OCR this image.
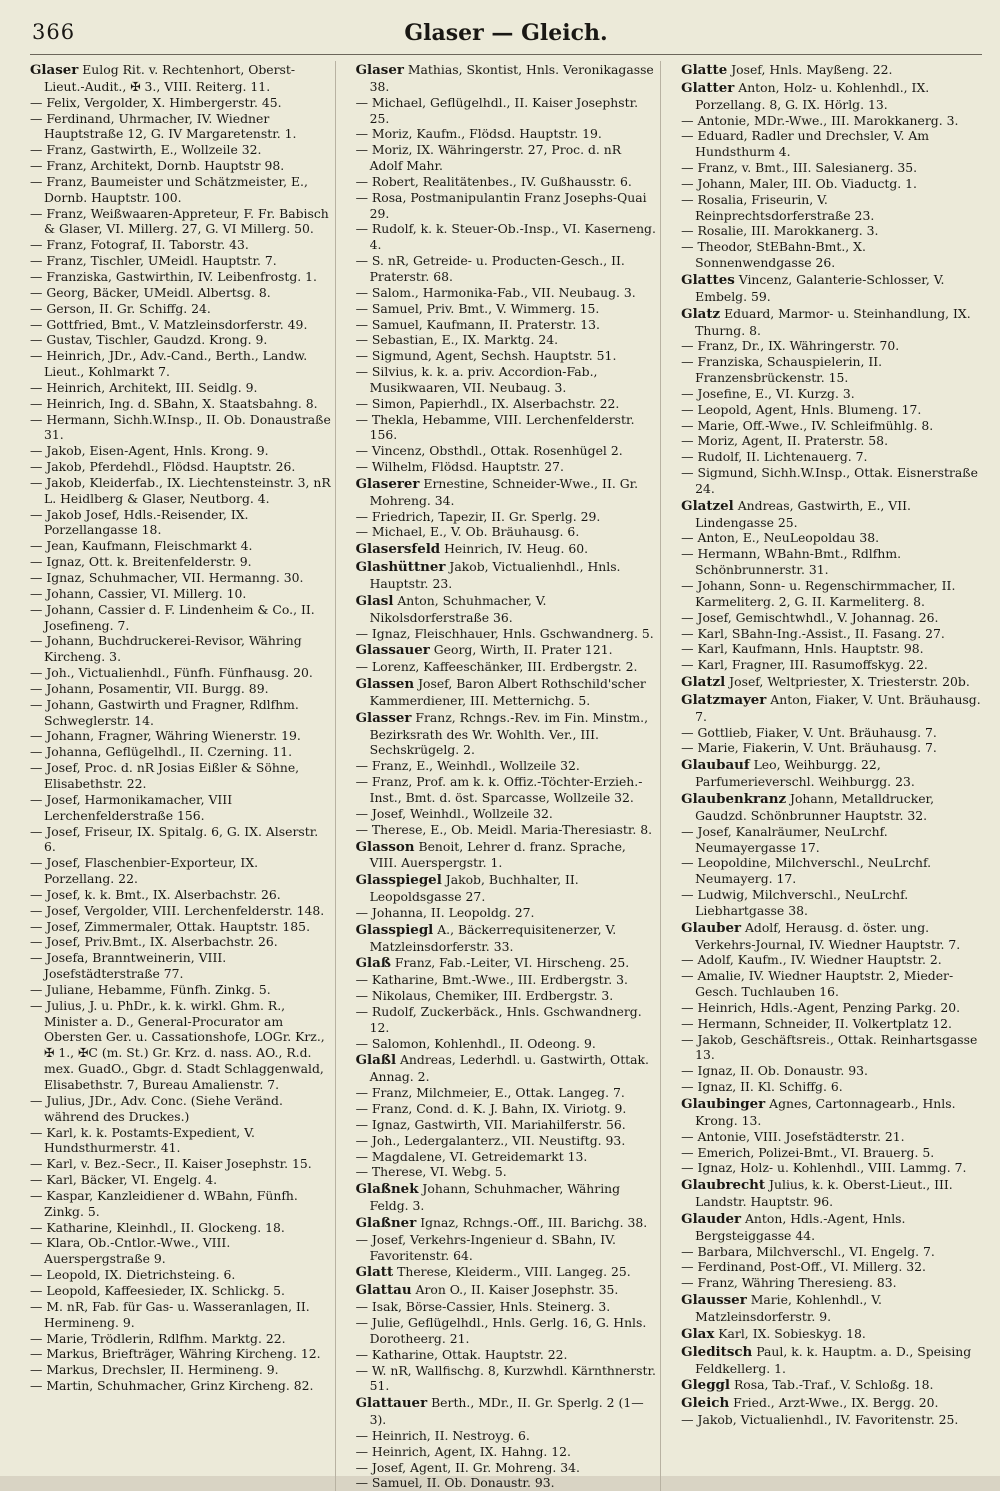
366	Glaser — Gleich.

Glaser Eulog Rit. v. Rechtenhort, Oberst-Lieut.-Audit., ✠ 3., VIII. Reiterg. 11.

— Felix, Vergolder, X. Himbergerstr. 45.

— Ferdinand, Uhrmacher, IV. Wiedner Hauptstraße 12, G. IV Margaretenstr. 1.

— Franz, Gastwirth, E., Wollzeile 32.

— Franz, Architekt, Dornb. Hauptstr 98.

— Franz, Baumeister und Schätzmeister, E., Dornb. Hauptstr. 100.

— Franz, Weißwaaren-Appreteur, F. Fr. Babisch & Glaser, VI. Millerg. 27, G. VI Millerg. 50.

— Franz, Fotograf, II. Taborstr. 43.

— Franz, Tischler, UMeidl. Hauptstr. 7.

— Franziska, Gastwirthin, IV. Leibenfrostg. 1.

— Georg, Bäcker, UMeidl. Albertsg. 8.

— Gerson, II. Gr. Schiffg. 24.

— Gottfried, Bmt., V. Matzleinsdorferstr. 49.

— Gustav, Tischler, Gaudzd. Krong. 9.

— Heinrich, JDr., Adv.-Cand., Berth., Landw. Lieut., Kohlmarkt 7.

— Heinrich, Architekt, III. Seidlg. 9.

— Heinrich, Ing. d. SBahn, X. Staatsbahng. 8.

— Hermann, Sichh.W.Insp., II. Ob. Donaustraße 31.

— Jakob, Eisen-Agent, Hnls. Krong. 9.

— Jakob, Pferdehdl., Flödsd. Hauptstr. 26.

— Jakob, Kleiderfab., IX. Liechtensteinstr. 3, nR L. Heidlberg & Glaser, Neutborg. 4.

— Jakob Josef, Hdls.-Reisender, IX. Porzellangasse 18.

— Jean, Kaufmann, Fleischmarkt 4.

— Ignaz, Ott. k. Breitenfelderstr. 9.

— Ignaz, Schuhmacher, VII. Hermanng. 30.

— Johann, Cassier, VI. Millerg. 10.

— Johann, Cassier d. F. Lindenheim & Co., II. Josefineng. 7.

— Johann, Buchdruckerei-Revisor, Währing Kircheng. 3.

— Joh., Victualienhdl., Fünfh. Fünfhausg. 20.

— Johann, Posamentir, VII. Burgg. 89.

— Johann, Gastwirth und Fragner, Rdlfhm. Schweglerstr. 14.

— Johann, Fragner, Währing Wienerstr. 19.

— Johanna, Geflügelhdl., II. Czerning. 11.

— Josef, Proc. d. nR Josias Eißler & Söhne, Elisabethstr. 22.

— Josef, Harmonikamacher, VIII Lerchenfelderstraße 156.

— Josef, Friseur, IX. Spitalg. 6, G. IX. Alserstr. 6.

— Josef, Flaschenbier-Exporteur, IX. Porzellang. 22.

— Josef, k. k. Bmt., IX. Alserbachstr. 26.

— Josef, Vergolder, VIII. Lerchenfelderstr. 148.

— Josef, Zimmermaler, Ottak. Hauptstr. 185.

— Josef, Priv.Bmt., IX. Alserbachstr. 26.

— Josefa, Branntweinerin, VIII. Josefstädterstraße 77.

— Juliane, Hebamme, Fünfh. Zinkg. 5.

— Julius, J. u. PhDr., k. k. wirkl. Ghm. R., Minister a. D., General-Procurator am Obersten Ger. u. Cassationshofe, LOGr. Krz., ✠ 1., ✠C (m. St.) Gr. Krz. d. nass. AO., R.d. mex. GuadO., Gbgr. d. Stadt Schlaggenwald, Elisabethstr. 7, Bureau Amalienstr. 7.

— Julius, JDr., Adv. Conc. (Siehe Veränd. während des Druckes.)

— Karl, k. k. Postamts-Expedient, V. Hundsthurmerstr. 41.

— Karl, v. Bez.-Secr., II. Kaiser Josephstr. 15.

— Karl, Bäcker, VI. Engelg. 4.

— Kaspar, Kanzleidiener d. WBahn, Fünfh. Zinkg. 5.

— Katharine, Kleinhdl., II. Glockeng. 18.

— Klara, Ob.-Cntlor.-Wwe., VIII. Auerspergstraße 9.

— Leopold, IX. Dietrichsteing. 6.

— Leopold, Kaffeesieder, IX. Schlickg. 5.

— M. nR, Fab. für Gas- u. Wasseranlagen, II. Hermineng. 9.

— Marie, Trödlerin, Rdlfhm. Marktg. 22.

— Markus, Briefträger, Währing Kircheng. 12.

— Markus, Drechsler, II. Hermineng. 9.

— Martin, Schuhmacher, Grinz Kircheng. 82.

Glaser Mathias, Skontist, Hnls. Veronikagasse 38.

— Michael, Geflügelhdl., II. Kaiser Josephstr. 25.

— Moriz, Kaufm., Flödsd. Hauptstr. 19.

— Moriz, IX. Währingerstr. 27, Proc. d. nR Adolf Mahr.

— Robert, Realitätenbes., IV. Gußhausstr. 6.

— Rosa, Postmanipulantin Franz Josephs-Quai 29.

— Rudolf, k. k. Steuer-Ob.-Insp., VI. Kaserneng. 4.

— S. nR, Getreide- u. Producten-Gesch., II. Praterstr. 68.

— Salom., Harmonika-Fab., VII. Neubaug. 3.

— Samuel, Priv. Bmt., V. Wimmerg. 15.

— Samuel, Kaufmann, II. Praterstr. 13.

— Sebastian, E., IX. Marktg. 24.

— Sigmund, Agent, Sechsh. Hauptstr. 51.

— Silvius, k. k. a. priv. Accordion-Fab., Musikwaaren, VII. Neubaug. 3.

— Simon, Papierhdl., IX. Alserbachstr. 22.

— Thekla, Hebamme, VIII. Lerchenfelderstr. 156.

— Vincenz, Obsthdl., Ottak. Rosenhügel 2.

— Wilhelm, Flödsd. Hauptstr. 27.

Glaserer Ernestine, Schneider-Wwe., II. Gr. Mohreng. 34.

— Friedrich, Tapezir, II. Gr. Sperlg. 29.

— Michael, E., V. Ob. Bräuhausg. 6.

Glasersfeld Heinrich, IV. Heug. 60.

Glashüttner Jakob, Victualienhdl., Hnls. Hauptstr. 23.

Glasl Anton, Schuhmacher, V. Nikolsdorferstraße 36.

— Ignaz, Fleischhauer, Hnls. Gschwandnerg. 5.

Glassauer Georg, Wirth, II. Prater 121.

— Lorenz, Kaffeeschänker, III. Erdbergstr. 2.

Glassen Josef, Baron Albert Rothschild'scher Kammerdiener, III. Metternichg. 5.

Glasser Franz, Rchngs.-Rev. im Fin. Minstm., Bezirksrath des Wr. Wohlth. Ver., III. Sechskrügelg. 2.

— Franz, E., Weinhdl., Wollzeile 32.

— Franz, Prof. am k. k. Offiz.-Töchter-Erzieh.-Inst., Bmt. d. öst. Sparcasse, Wollzeile 32.

— Josef, Weinhdl., Wollzeile 32.

— Therese, E., Ob. Meidl. Maria-Theresiastr. 8.

Glasson Benoit, Lehrer d. franz. Sprache, VIII. Auerspergstr. 1.

Glasspiegel Jakob, Buchhalter, II. Leopoldsgasse 27.

— Johanna, II. Leopoldg. 27.

Glasspiegl A., Bäckerrequisitenerzer, V. Matzleinsdorferstr. 33.

Glaß Franz, Fab.-Leiter, VI. Hirscheng. 25.

— Katharine, Bmt.-Wwe., III. Erdbergstr. 3.

— Nikolaus, Chemiker, III. Erdbergstr. 3.

— Rudolf, Zuckerbäck., Hnls. Gschwandnerg. 12.

— Salomon, Kohlenhdl., II. Odeong. 9.

Glaßl Andreas, Lederhdl. u. Gastwirth, Ottak. Annag. 2.

— Franz, Milchmeier, E., Ottak. Langeg. 7.

— Franz, Cond. d. K. J. Bahn, IX. Viriotg. 9.

— Ignaz, Gastwirth, VII. Mariahilferstr. 56.

— Joh., Ledergalanterz., VII. Neustiftg. 93.

— Magdalene, VI. Getreidemarkt 13.

— Therese, VI. Webg. 5.

Glaßnek Johann, Schuhmacher, Währing Feldg. 3.

Glaßner Ignaz, Rchngs.-Off., III. Barichg. 38.

— Josef, Verkehrs-Ingenieur d. SBahn, IV. Favoritenstr. 64.

Glatt Therese, Kleiderm., VIII. Langeg. 25.

Glattau Aron O., II. Kaiser Josephstr. 35.

— Isak, Börse-Cassier, Hnls. Steinerg. 3.

— Julie, Geflügelhdl., Hnls. Gerlg. 16, G. Hnls. Dorotheerg. 21.

— Katharine, Ottak. Hauptstr. 22.

— W. nR, Wallfischg. 8, Kurzwhdl. Kärnthnerstr. 51.

Glattauer Berth., MDr., II. Gr. Sperlg. 2 (1—3).

— Heinrich, II. Nestroyg. 6.

— Heinrich, Agent, IX. Hahng. 12.

— Josef, Agent, II. Gr. Mohreng. 34.

— Samuel, II. Ob. Donaustr. 93.

Glatte Josef, Hnls. Mayßeng. 22.

Glatter Anton, Holz- u. Kohlenhdl., IX. Porzellang. 8, G. IX. Hörlg. 13.

— Antonie, MDr.-Wwe., III. Marokkanerg. 3.

— Eduard, Radler und Drechsler, V. Am Hundsthurm 4.

— Franz, v. Bmt., III. Salesianerg. 35.

— Johann, Maler, III. Ob. Viaductg. 1.

— Rosalia, Friseurin, V. Reinprechtsdorferstraße 23.

— Rosalie, III. Marokkanerg. 3.

— Theodor, StEBahn-Bmt., X. Sonnenwendgasse 26.

Glattes Vincenz, Galanterie-Schlosser, V. Embelg. 59.

Glatz Eduard, Marmor- u. Steinhandlung, IX. Thurng. 8.

— Franz, Dr., IX. Währingerstr. 70.

— Franziska, Schauspielerin, II. Franzensbrückenstr. 15.

— Josefine, E., VI. Kurzg. 3.

— Leopold, Agent, Hnls. Blumeng. 17.

— Marie, Off.-Wwe., IV. Schleifmühlg. 8.

— Moriz, Agent, II. Praterstr. 58.

— Rudolf, II. Lichtenauerg. 7.

— Sigmund, Sichh.W.Insp., Ottak. Eisnerstraße 24.

Glatzel Andreas, Gastwirth, E., VII. Lindengasse 25.

— Anton, E., NeuLeopoldau 38.

— Hermann, WBahn-Bmt., Rdlfhm. Schönbrunnerstr. 31.

— Johann, Sonn- u. Regenschirmmacher, II. Karmeliterg. 2, G. II. Karmeliterg. 8.

— Josef, Gemischtwhdl., V. Johannag. 26.

— Karl, SBahn-Ing.-Assist., II. Fasang. 27.

— Karl, Kaufmann, Hnls. Hauptstr. 98.

— Karl, Fragner, III. Rasumoffskyg. 22.

Glatzl Josef, Weltpriester, X. Triesterstr. 20b.

Glatzmayer Anton, Fiaker, V. Unt. Bräuhausg. 7.

— Gottlieb, Fiaker, V. Unt. Bräuhausg. 7.

— Marie, Fiakerin, V. Unt. Bräuhausg. 7.

Glaubauf Leo, Weihburgg. 22, Parfumerieverschl. Weihburgg. 23.

Glaubenkranz Johann, Metalldrucker, Gaudzd. Schönbrunner Hauptstr. 32.

— Josef, Kanalräumer, NeuLrchf. Neumayergasse 17.

— Leopoldine, Milchverschl., NeuLrchf. Neumayerg. 17.

— Ludwig, Milchverschl., NeuLrchf. Liebhartgasse 38.

Glauber Adolf, Herausg. d. öster. ung. Verkehrs-Journal, IV. Wiedner Hauptstr. 7.

— Adolf, Kaufm., IV. Wiedner Hauptstr. 2.

— Amalie, IV. Wiedner Hauptstr. 2, Mieder-Gesch. Tuchlauben 16.

— Heinrich, Hdls.-Agent, Penzing Parkg. 20.

— Hermann, Schneider, II. Volkertplatz 12.

— Jakob, Geschäftsreis., Ottak. Reinhartsgasse 13.

— Ignaz, II. Ob. Donaustr. 93.

— Ignaz, II. Kl. Schiffg. 6.

Glaubinger Agnes, Cartonnagearb., Hnls. Krong. 13.

— Antonie, VIII. Josefstädterstr. 21.

— Emerich, Polizei-Bmt., VI. Brauerg. 5.

— Ignaz, Holz- u. Kohlenhdl., VIII. Lammg. 7.

Glaubrecht Julius, k. k. Oberst-Lieut., III. Landstr. Hauptstr. 96.

Glauder Anton, Hdls.-Agent, Hnls. Bergsteiggasse 44.

— Barbara, Milchverschl., VI. Engelg. 7.

— Ferdinand, Post-Off., VI. Millerg. 32.

— Franz, Währing Theresieng. 83.

Glausser Marie, Kohlenhdl., V. Matzleinsdorferstr. 9.

Glax Karl, IX. Sobieskyg. 18.

Gleditsch Paul, k. k. Hauptm. a. D., Speising Feldkellerg. 1.

Gleggl Rosa, Tab.-Traf., V. Schloßg. 18.

Gleich Fried., Arzt-Wwe., IX. Bergg. 20.

— Jakob, Victualienhdl., IV. Favoritenstr. 25.
